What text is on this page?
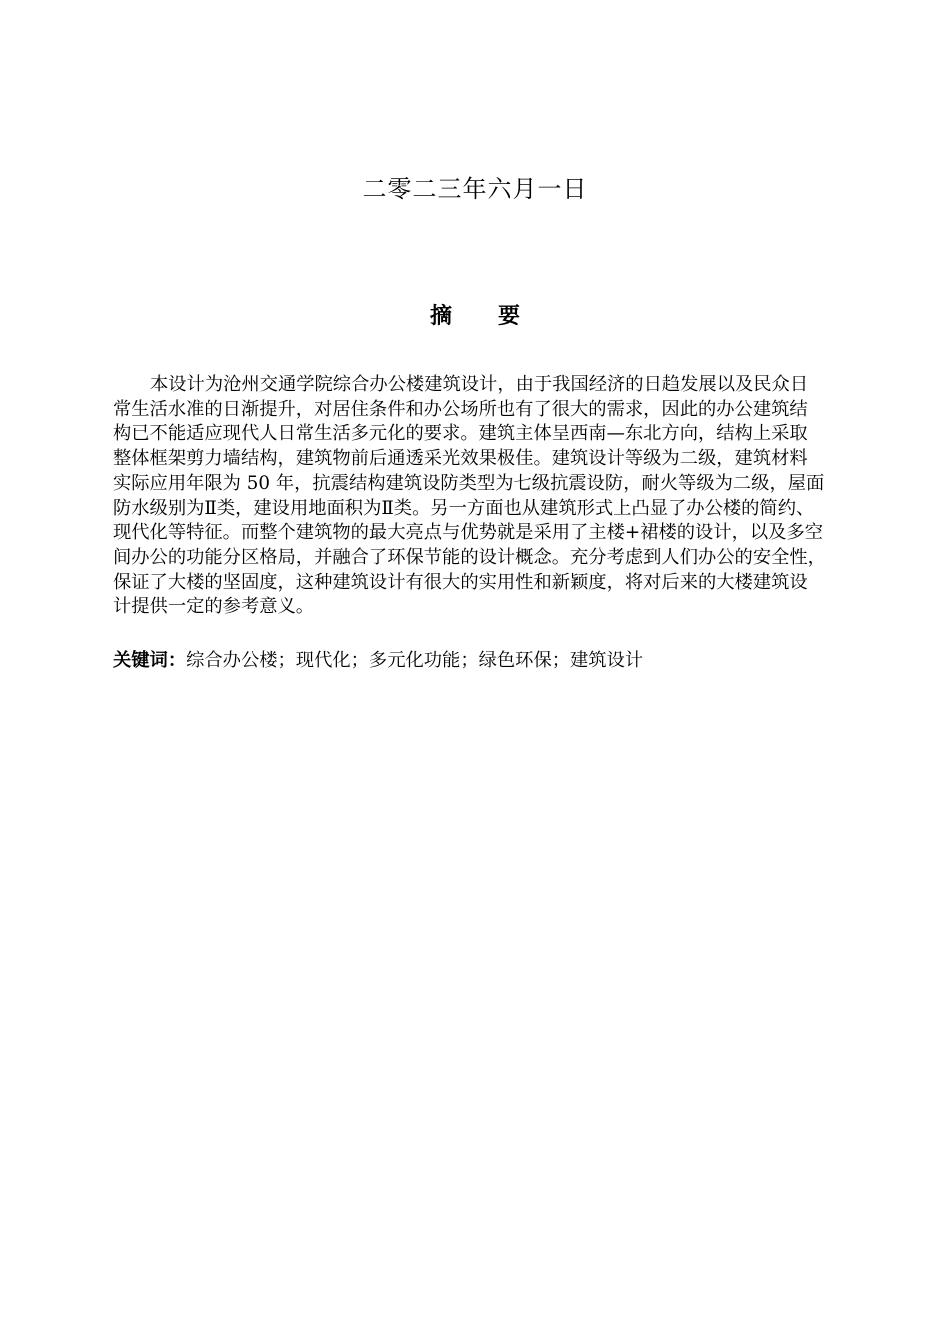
二零二三年六月一日
摘 要
本设计为沧州交通学院综合办公楼建筑设计，由于我国经济的日趋发展以及民众日
常生活水准的日渐提升，对居住条件和办公场所也有了很大的需求，因此的办公建筑结
构已不能适应现代人日常生活多元化的要求。建筑主体呈西南—东北方向，结构上采取
整体框架剪力墙结构，建筑物前后通透采光效果极佳。建筑设计等级为二级，建筑材料
实际应用年限为 50 年，抗震结构建筑设防类型为七级抗震设防，耐火等级为二级，屋面
防水级别为Ⅱ类，建设用地面积为Ⅱ类。另一方面也从建筑形式上凸显了办公楼的简约、
现代化等特征。而整个建筑物的最大亮点与优势就是采用了主楼+裙楼的设计，以及多空
间办公的功能分区格局，并融合了环保节能的设计概念。充分考虑到人们办公的安全性，
保证了大楼的坚固度，这种建筑设计有很大的实用性和新颖度，将对后来的大楼建筑设
计提供一定的参考意义。
关键词：综合办公楼；现代化；多元化功能；绿色环保；建筑设计
